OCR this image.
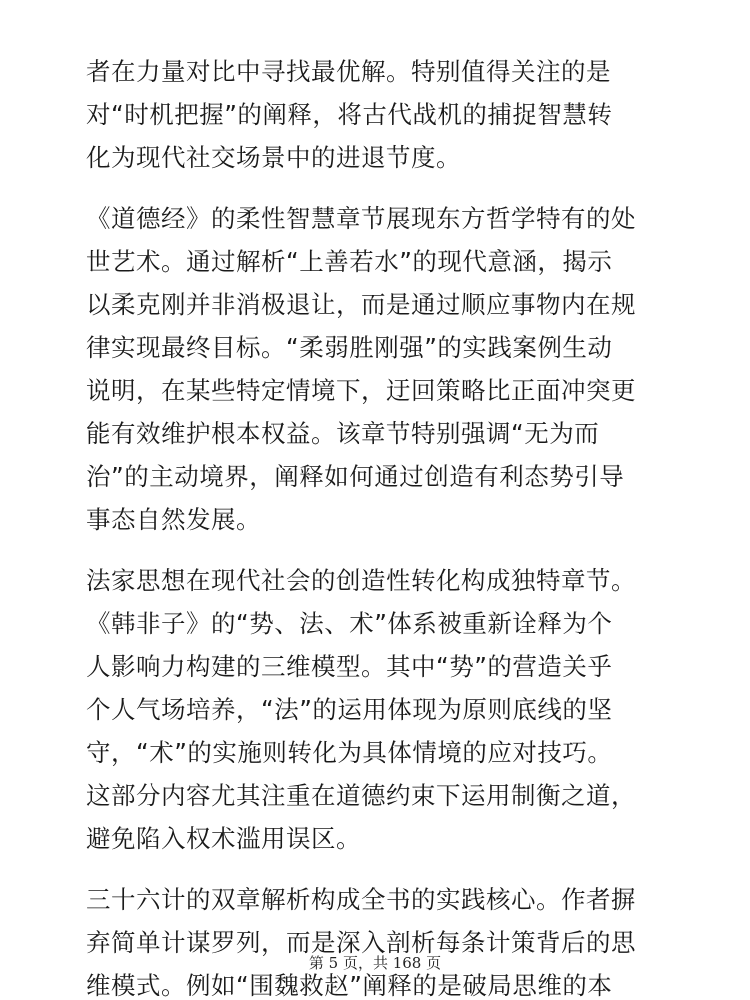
者在力量对比中寻找最优解。特别值得关注的是
对“时机把握”的阐释，将古代战机的捕捉智慧转
化为现代社交场景中的进退节度。

《道德经》的柔性智慧章节展现东方哲学特有的处
世艺术。通过解析“上善若水”的现代意涵，揭示
以柔克刚并非消极退让，而是通过顺应事物内在规
律实现最终目标。“柔弱胜刚强”的实践案例生动
说明，在某些特定情境下，迂回策略比正面冲突更
能有效维护根本权益。该章节特别强调“无为而
治”的主动境界，阐释如何通过创造有利态势引导
事态自然发展。

法家思想在现代社会的创造性转化构成独特章节。
《韩非子》的“势、法、术”体系被重新诠释为个
人影响力构建的三维模型。其中“势”的营造关乎
个人气场培养，“法”的运用体现为原则底线的坚
守，“术”的实施则转化为具体情境的应对技巧。
这部分内容尤其注重在道德约束下运用制衡之道，
避免陷入权术滥用误区。

三十六计的双章解析构成全书的实践核心。作者摒
弃简单计谋罗列，而是深入剖析每条计策背后的思
维模式。例如“围魏救赵”阐释的是破局思维的本

第 5 页，共 168 页
